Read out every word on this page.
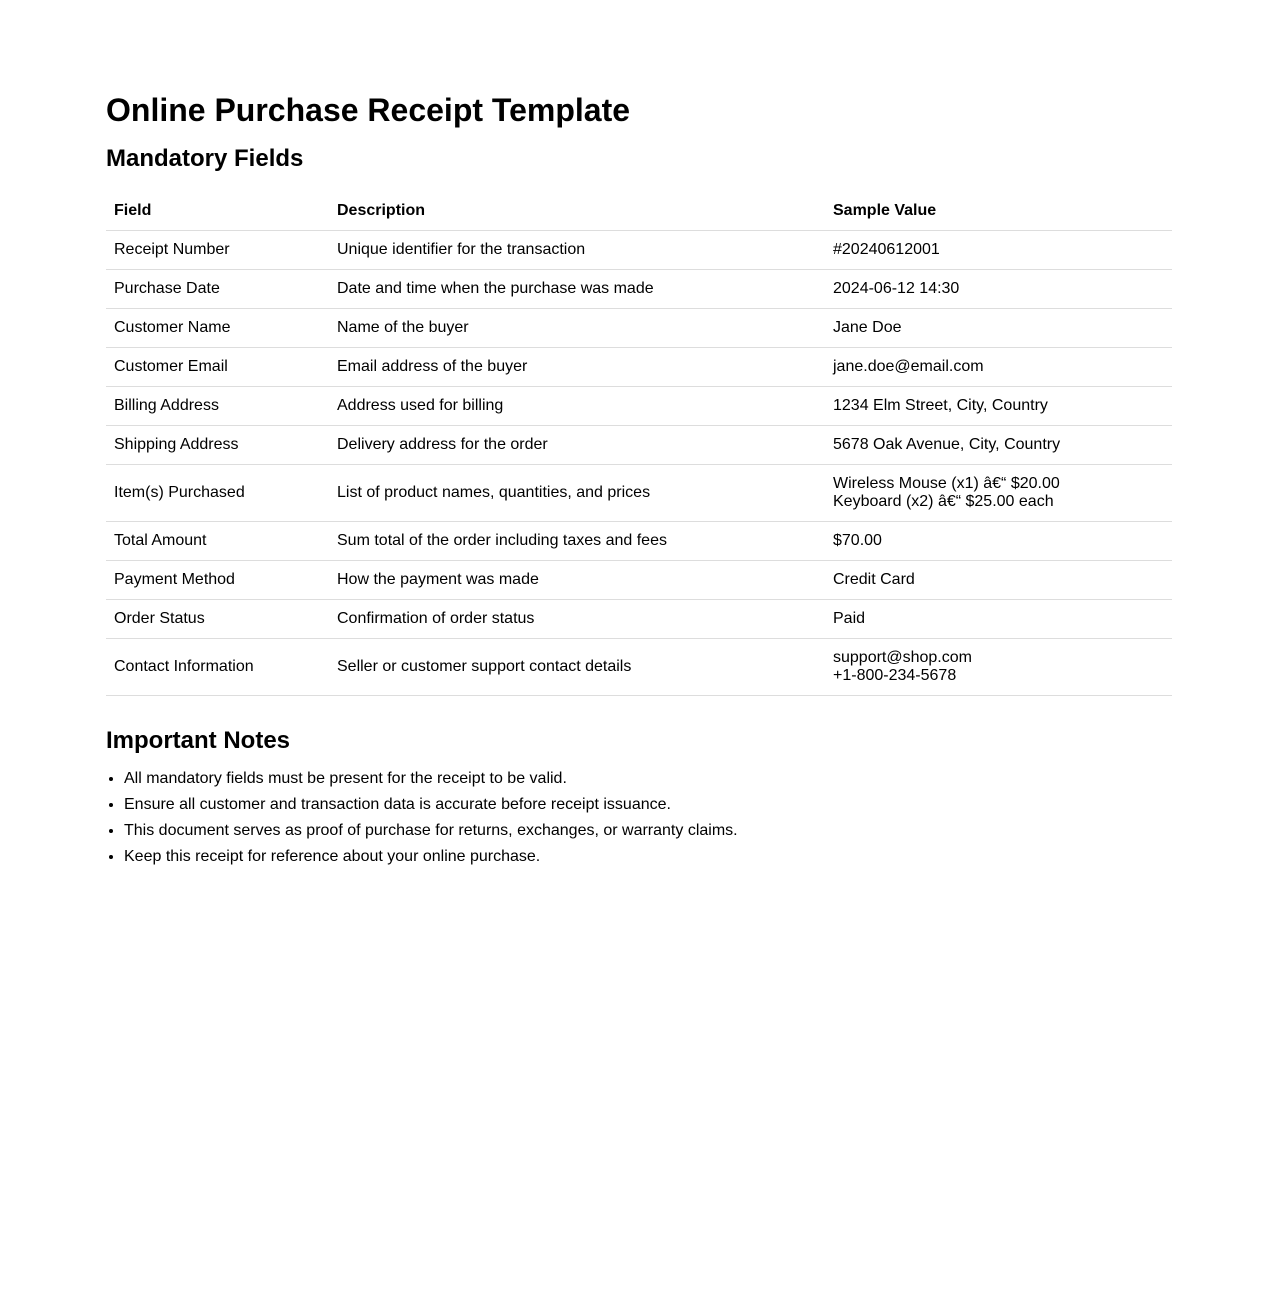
Online Purchase Receipt Template
Mandatory Fields
Field	Description	Sample Value
Receipt Number	Unique identifier for the transaction	#20240612001

Purchase Date	Date and time when the purchase was made	2024-06-12 14:30

Customer Name	Name of the buyer	Jane Doe

Customer Email	Email address of the buyer	jane.doe@email.com

Billing Address	Address used for billing	1234 Elm Street, City, Country

Shipping Address	Delivery address for the order	5678 Oak Avenue, City, Country

Item(s) Purchased	List of product names, quantities, and prices	Wireless Mouse (x1) â€“ $20.00
Keyboard (x2) â€“ $25.00 each

Total Amount	Sum total of the order including taxes and fees	$70.00

Payment Method	How the payment was made	Credit Card

Order Status	Confirmation of order status	Paid

Contact Information	Seller or customer support contact details	support@shop.com
+1-800-234-5678
Important Notes
• All mandatory fields must be present for the receipt to be valid.
• Ensure all customer and transaction data is accurate before receipt issuance.
• This document serves as proof of purchase for returns, exchanges, or warranty claims.
• Keep this receipt for reference about your online purchase.
